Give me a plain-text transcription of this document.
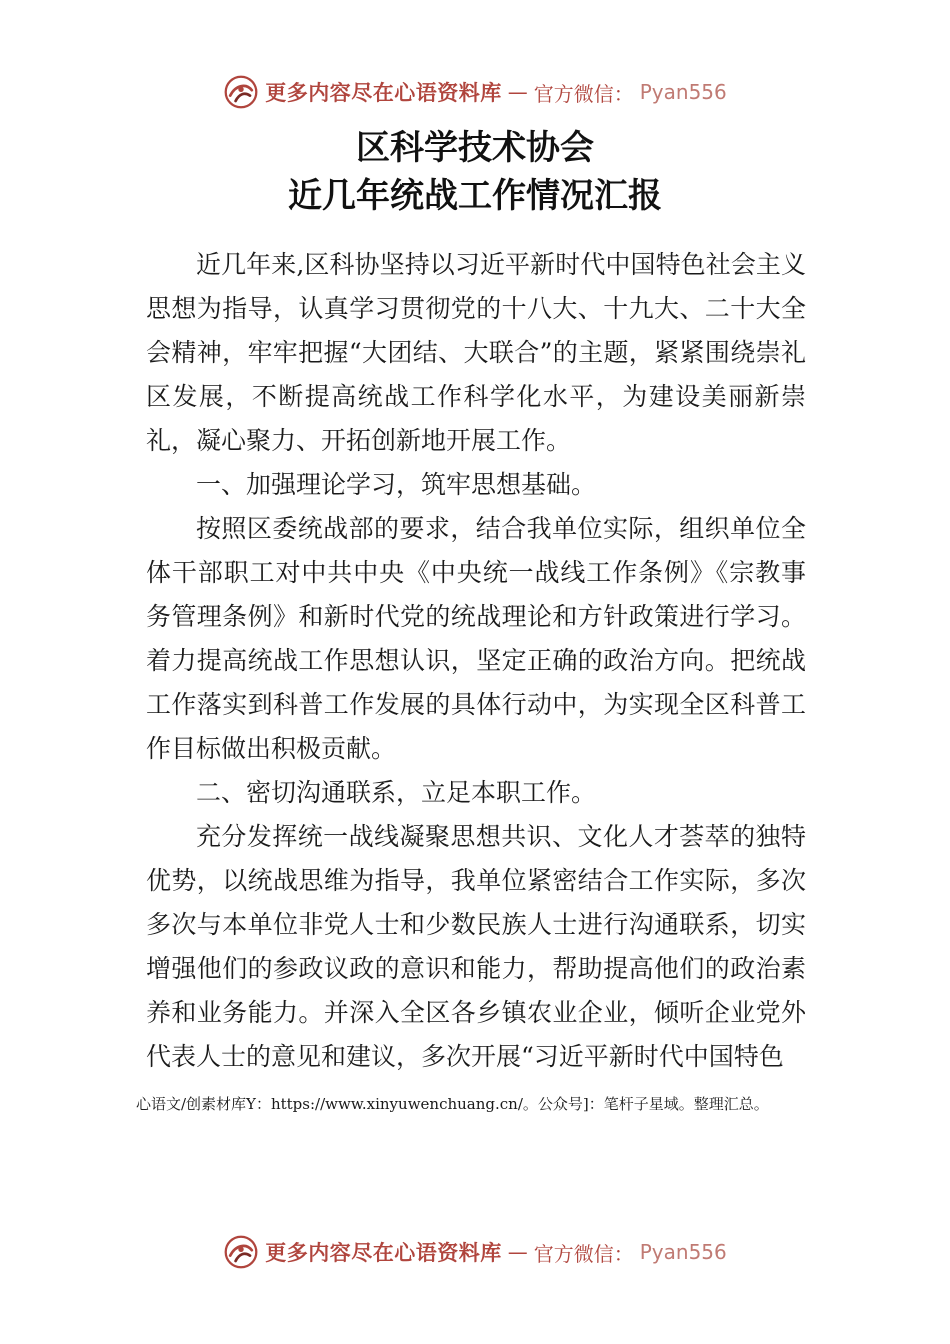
更多内容尽在心语资料库 — 官方微信： Pyan556
区科学技术协会
近几年统战工作情况汇报

近几年来,区科协坚持以习近平新时代中国特色社会主义思想为指导，认真学习贯彻党的十八大、十九大、二十大全会精神，牢牢把握“大团结、大联合”的主题，紧紧围绕崇礼区发展，不断提高统战工作科学化水平，为建设美丽新崇礼，凝心聚力、开拓创新地开展工作。

一、加强理论学习，筑牢思想基础。

按照区委统战部的要求，结合我单位实际，组织单位全体干部职工对中共中央《中央统一战线工作条例》《宗教事务管理条例》和新时代党的统战理论和方针政策进行学习。 着力提高统战工作思想认识，坚定正确的政治方向。把统战工作落实到科普工作发展的具体行动中，为实现全区科普工作目标做出积极贡献。

二、密切沟通联系，立足本职工作。

充分发挥统一战线凝聚思想共识、文化人才荟萃的独特优势，以统战思维为指导，我单位紧密结合工作实际，多次多次与本单位非党人士和少数民族人士进行沟通联系，切实增强他们的参政议政的意识和能力，帮助提高他们的政治素养和业务能力。并深入全区各乡镇农业企业，倾听企业党外代表人士的意见和建议，多次开展“习近平新时代中国特色

心语文/创素材库Y：https://www.xinyuwenchuang.cn/。公众号]：笔杆子星域。整理汇总。

更多内容尽在心语资料库 — 官方微信： Pyan556
